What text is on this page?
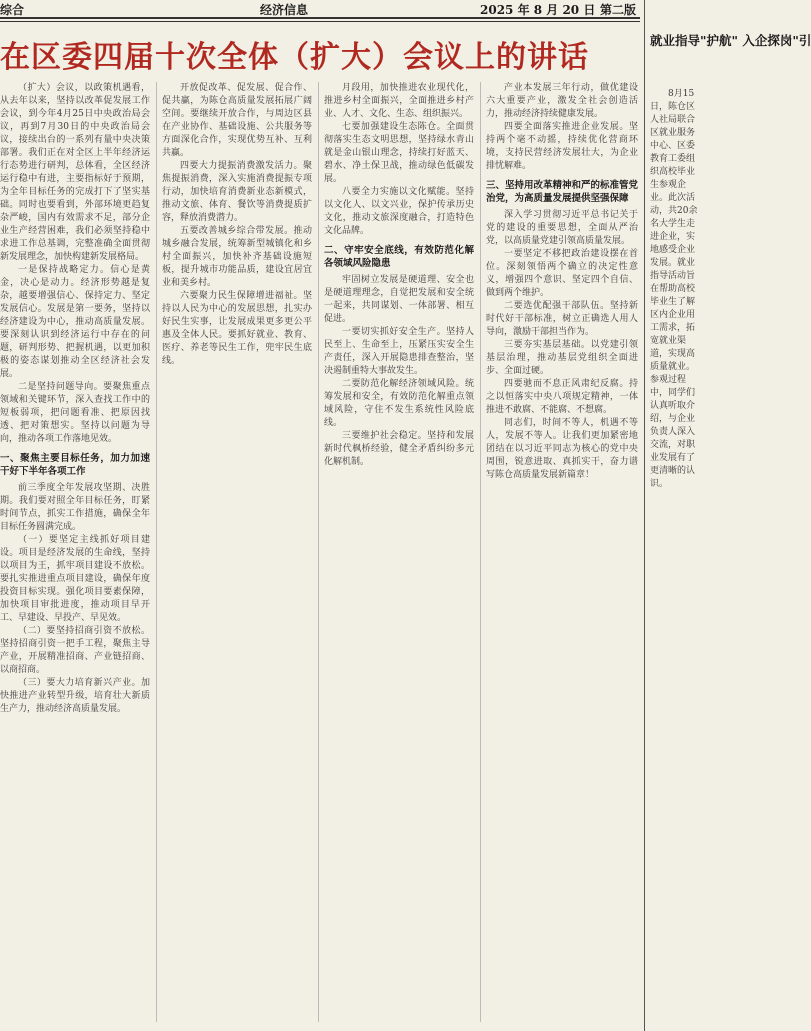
综合	经济信息	2025 年 8 月 20 日 第二版
在区委四届十次全体（扩大）会议上的讲话

（扩大）会议，以政策机遇看，从去年以来，坚持以改革促发展工作会议，到今年4月25日中央政治局会议，再到7月30日的中央政治局会议，接续出台的一系列有量中央决策部署。我们正在对全区上半年经济运行态势进行研判，总体看，全区经济运行稳中有进，主要指标好于预期，为全年目标任务的完成打下了坚实基础。同时也要看到，外部环境更趋复杂严峻，国内有效需求不足，部分企业生产经营困难，我们必须坚持稳中求进工作总基调，完整准确全面贯彻新发展理念，加快构建新发展格局。

一是保持战略定力。信心是黄金，决心是动力。经济形势越是复杂，越要增强信心、保持定力、坚定发展信心。发展是第一要务，坚持以经济建设为中心，推动高质量发展。要深刻认识到经济运行中存在的问题，研判形势、把握机遇，以更加积极的姿态谋划推动全区经济社会发展。

二是坚持问题导向。要聚焦重点领域和关键环节，深入查找工作中的短板弱项，把问题看准、把原因找透、把对策想实。坚持以问题为导向，推动各项工作落地见效。

一、聚焦主要目标任务，加力加速干好下半年各项工作

前三季度全年发展攻坚期、决胜期。我们要对照全年目标任务，盯紧时间节点，抓实工作措施，确保全年目标任务圆满完成。

（一）要坚定主线抓好项目建设。项目是经济发展的生命线，坚持以项目为王，抓牢项目建设不放松。要扎实推进重点项目建设，确保年度投资目标实现。强化项目要素保障，加快项目审批进度，推动项目早开工、早建设、早投产、早见效。

（二）要坚持招商引资不放松。坚持招商引资一把手工程，聚焦主导产业，开展精准招商、产业链招商、以商招商。

（三）要大力培育新兴产业。加快推进产业转型升级，培育壮大新质生产力，推动经济高质量发展。

开放促改革、促发展、促合作、促共赢，为陈仓高质量发展拓展广阔空间。要继续开放合作，与周边区县在产业协作、基础设施、公共服务等方面深化合作，实现优势互补、互利共赢。

四要大力提振消费激发活力。聚焦提振消费，深入实施消费提振专项行动，加快培育消费新业态新模式，推动文旅、体育、餐饮等消费提质扩容，释放消费潜力。

五要改善城乡综合带发展。推动城乡融合发展，统筹新型城镇化和乡村全面振兴，加快补齐基础设施短板，提升城市功能品质，建设宜居宜业和美乡村。

六要聚力民生保障增进福祉。坚持以人民为中心的发展思想，扎实办好民生实事，让发展成果更多更公平惠及全体人民。要抓好就业、教育、医疗、养老等民生工作，兜牢民生底线。

月段用，加快推进农业现代化，推进乡村全面振兴，全面推进乡村产业、人才、文化、生态、组织振兴。

七要加强建设生态陈仓。全面贯彻落实生态文明思想，坚持绿水青山就是金山银山理念，持续打好蓝天、碧水、净土保卫战，推动绿色低碳发展。

八要全力实施以文化赋能。坚持以文化人、以文兴业，保护传承历史文化，推动文旅深度融合，打造特色文化品牌。

二、守牢安全底线，有效防范化解各领域风险隐患

牢固树立发展是硬道理、安全也是硬道理理念，自觉把发展和安全统一起来，共同谋划、一体部署、相互促进。

一要切实抓好安全生产。坚持人民至上、生命至上，压紧压实安全生产责任，深入开展隐患排查整治，坚决遏制重特大事故发生。

二要防范化解经济领域风险。统筹发展和安全，有效防范化解重点领域风险，守住不发生系统性风险底线。

三要维护社会稳定。坚持和发展新时代枫桥经验，健全矛盾纠纷多元化解机制。

产业本发展三年行动，做优建设六大重要产业，激发全社会创造活力，推动经济持续健康发展。

四要全面落实推进企业发展。坚持两个毫不动摇，持续优化营商环境，支持民营经济发展壮大，为企业排忧解难。

三、坚持用改革精神和严的标准管党治党，为高质量发展提供坚强保障

深入学习贯彻习近平总书记关于党的建设的重要思想，全面从严治党，以高质量党建引领高质量发展。

一要坚定不移把政治建设摆在首位。深刻领悟两个确立的决定性意义，增强四个意识、坚定四个自信、做到两个维护。

二要选优配强干部队伍。坚持新时代好干部标准，树立正确选人用人导向，激励干部担当作为。

三要夯实基层基础。以党建引领基层治理，推动基层党组织全面进步、全面过硬。

四要驰而不息正风肃纪反腐。持之以恒落实中央八项规定精神，一体推进不敢腐、不能腐、不想腐。

同志们，时间不等人，机遇不等人，发展不等人。让我们更加紧密地团结在以习近平同志为核心的党中央周围，锐意进取、真抓实干，奋力谱写陈仓高质量发展新篇章！

就业指导"护航" 入企探岗"引

8月15日，陈仓区人社局联合区就业服务中心、区委教育工委组织高校毕业生参观企业。此次活动，共20余名大学生走进企业，实地感受企业发展。就业指导活动旨在帮助高校毕业生了解区内企业用工需求，拓宽就业渠道，实现高质量就业。参观过程中，同学们认真听取介绍，与企业负责人深入交流，对职业发展有了更清晰的认识。
